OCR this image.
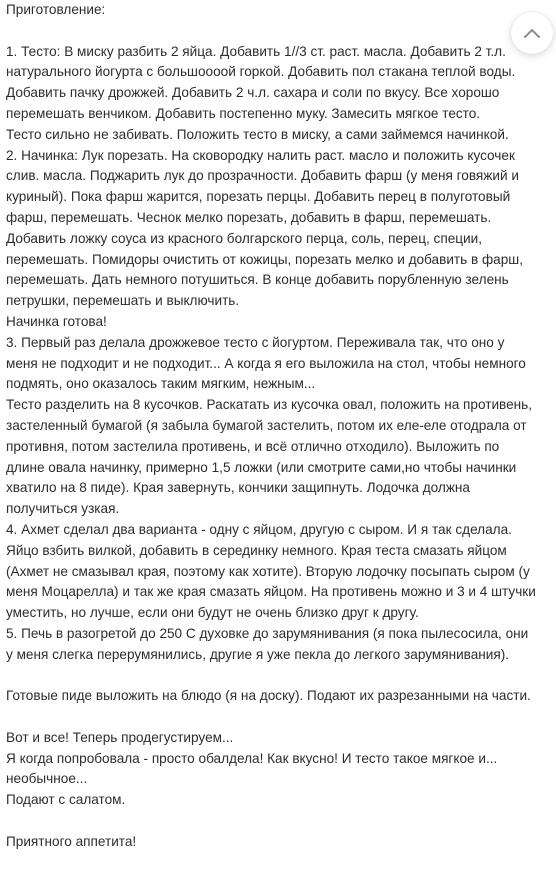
Приготовление:
1. Тесто: В миску разбить 2 яйца. Добавить 1//3 ст. раст. масла. Добавить 2 т.л.
натурального йогурта с большоооой горкой. Добавить пол стакана теплой воды.
Добавить пачку дрожжей. Добавить 2 ч.л. сахара и соли по вкусу. Все хорошо
перемешать венчиком. Добавить постепенно муку. Замесить мягкое тесто.
Тесто сильно не забивать. Положить тесто в миску, а сами займемся начинкой.
2. Начинка: Лук порезать. На сковородку налить раст. масло и положить кусочек
слив. масла. Поджарить лук до прозрачности. Добавить фарш (у меня говяжий и
куриный). Пока фарш жарится, порезать перцы. Добавить перец в полуготовый
фарш, перемешать. Чеснок мелко порезать, добавить в фарш, перемешать.
Добавить ложку соуса из красного болгарского перца, соль, перец, специи,
перемешать. Помидоры очистить от кожицы, порезать мелко и добавить в фарш,
перемешать. Дать немного потушиться. В конце добавить порубленную зелень
петрушки, перемешать и выключить.
Начинка готова!
3. Первый раз делала дрожжевое тесто с йогуртом. Переживала так, что оно у
меня не подходит и не подходит... А когда я его выложила на стол, чтобы немного
подмять, оно оказалось таким мягким, нежным...
Тесто разделить на 8 кусочков. Раскатать из кусочка овал, положить на противень,
застеленный бумагой (я забыла бумагой застелить, потом их еле-еле отодрала от
противня, потом застелила противень, и всё отлично отходило). Выложить по
длине овала начинку, примерно 1,5 ложки (или смотрите сами,но чтобы начинки
хватило на 8 пиде). Края завернуть, кончики защипнуть. Лодочка должна
получиться узкая.
4. Ахмет сделал два варианта - одну с яйцом, другую с сыром. И я так сделала.
Яйцо взбить вилкой, добавить в серединку немного. Края теста смазать яйцом
(Ахмет не смазывал края, поэтому как хотите). Вторую лодочку посыпать сыром (у
меня Моцарелла) и так же края смазать яйцом. На противень можно и 3 и 4 штучки
уместить, но лучше, если они будут не очень близко друг к другу.
5. Печь в разогретой до 250 С духовке до зарумянивания (я пока пылесосила, они
у меня слегка перерумянились, другие я уже пекла до легкого зарумянивания).
Готовые пиде выложить на блюдо (я на доску). Подают их разрезанными на части.
Вот и все! Теперь продегустируем...
Я когда попробовала - просто обалдела! Как вкусно! И тесто такое мягкое и...
необычное...
Подают с салатом.
Приятного аппетита!
